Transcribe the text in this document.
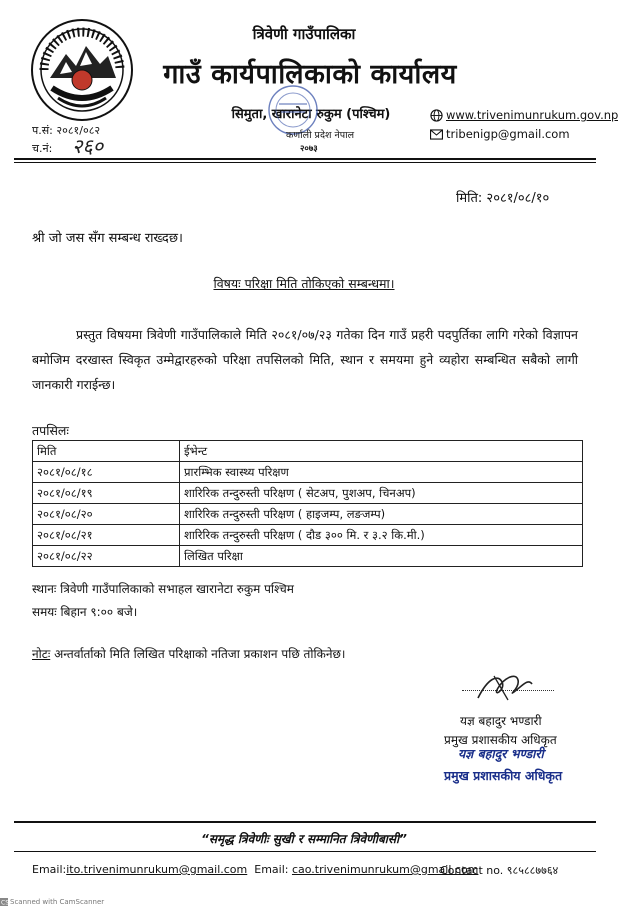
त्रिवेणी गाउँपालिका
गाउँ कार्यपालिकाको कार्यालय
सिमुता, खारानेटा रुकुम (पश्चिम)	www.trivenimunrukum.gov.np
tribenigp@gmail.com
कर्णाली प्रदेश नेपाल
२०७३
प.सं: २०८१/०८२
च.नं: २६०
मिति: २०८१/०८/१०
श्री जो जस सँग सम्बन्ध राख्दछ।
विषयः परिक्षा मिति तोकिएको सम्बन्धमा।
प्रस्तुत विषयमा त्रिवेणी गाउँपालिकाले मिति २०८१/०७/२३ गतेका दिन गाउँ प्रहरी पदपुर्तिका लागि गरेको विज्ञापन बमोजिम दरखास्त स्विकृत उम्मेद्वारहरुको परिक्षा तपसिलको मिति, स्थान र समयमा हुने व्यहोरा सम्बन्धित सबैको लागी जानकारी गराईन्छ।
तपसिलः
मिति	ईभेन्ट
२०८१/०८/१८	प्रारम्भिक स्वास्थ्य परिक्षण
२०८१/०८/१९	शारिरिक तन्दुरुस्ती परिक्षण ( सेटअप, पुशअप, चिनअप)
२०८१/०८/२०	शारिरिक तन्दुरुस्ती परिक्षण ( हाइजम्प, लङजम्प)
२०८१/०८/२१	शारिरिक तन्दुरुस्ती परिक्षण ( दौड ३०० मि. र ३.२ कि.मी.)
२०८१/०८/२२	लिखित परिक्षा
स्थानः त्रिवेणी गाउँपालिकाको सभाहल खारानेटा रुकुम पश्चिम
समयः बिहान ९:०० बजे।
नोटः अन्तर्वार्ताको मिति लिखित परिक्षाको नतिजा प्रकाशन पछि तोकिनेछ।
यज्ञ बहादुर भण्डारी
प्रमुख प्रशासकीय अधिकृत
यज्ञ बहादुर भण्डारी
प्रमुख प्रशासकीय अधिकृत
“समृद्ध त्रिवेणीः सुखी र सम्मानित त्रिवेणीबासी”
Email: ito.trivenimunrukum@gmail.com Email: cao.trivenimunrukum@gmail.com
Contact no. ९८५८८७७६४
CS Scanned with CamScanner
